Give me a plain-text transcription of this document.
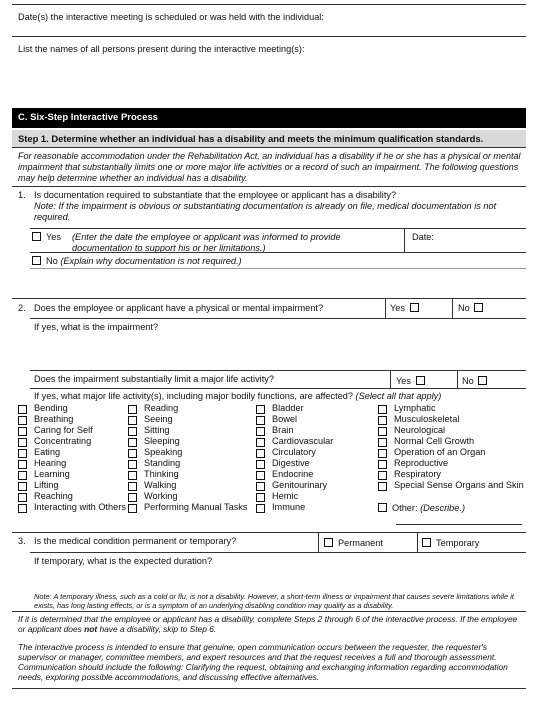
Date(s) the interactive meeting is scheduled or was held with the individual:
List the names of all persons present during the interactive meeting(s):
C. Six-Step Interactive Process
Step 1. Determine whether an individual has a disability and meets the minimum qualification standards.
For reasonable accommodation under the Rehabilitation Act, an individual has a disability if he or she has a physical or mental impairment that substantially limits one or more major life activities or a record of such an impairment. The following questions may help determine whether an individual has a disability.
1. Is documentation required to substantiate that the employee or applicant has a disability?
Note: If the impairment is obvious or substantiating documentation is already on file, medical documentation is not required.
Yes (Enter the date the employee or applicant was informed to provide documentation to support his or her limitations.)
Date:
No (Explain why documentation is not required.)
2. Does the employee or applicant have a physical or mental impairment?	Yes	No
If yes, what is the impairment?
Does the impairment substantially limit a major life activity?	Yes	No
If yes, what major life activity(s), including major bodily functions, are affected? (Select all that apply)
Bending
Breathing
Caring for Self
Concentrating
Eating
Hearing
Learning
Lifting
Reaching
Interacting with Others
Reading
Seeing
Sitting
Sleeping
Speaking
Standing
Thinking
Walking
Working
Performing Manual Tasks
Bladder
Bowel
Brain
Cardiovascular
Circulatory
Digestive
Endocrine
Genitourinary
Hemic
Immune
Lymphatic
Musculoskeletal
Neurological
Normal Cell Growth
Operation of an Organ
Reproductive
Respiratory
Special Sense Organs and Skin
Other: (Describe.)
3. Is the medical condition permanent or temporary?	Permanent	Temporary
If temporary, what is the expected duration?
Note: A temporary illness, such as a cold or flu, is not a disability. However, a short-term illness or impairment that causes severe limitations while it exists, has long lasting effects, or is a symptom of an underlying disabling condition may qualify as a disability.
If it is determined that the employee or applicant has a disability, complete Steps 2 through 6 of the interactive process. If the employee or applicant does not have a disability, skip to Step 6.
The interactive process is intended to ensure that genuine, open communication occurs between the requester, the requester's supervisor or manager, committee members, and expert resources and that the request receives a full and thorough assessment. Communication should include the following: Clarifying the request, obtaining and exchanging information regarding accommodation needs, exploring possible accommodations, and discussing effective alternatives.
